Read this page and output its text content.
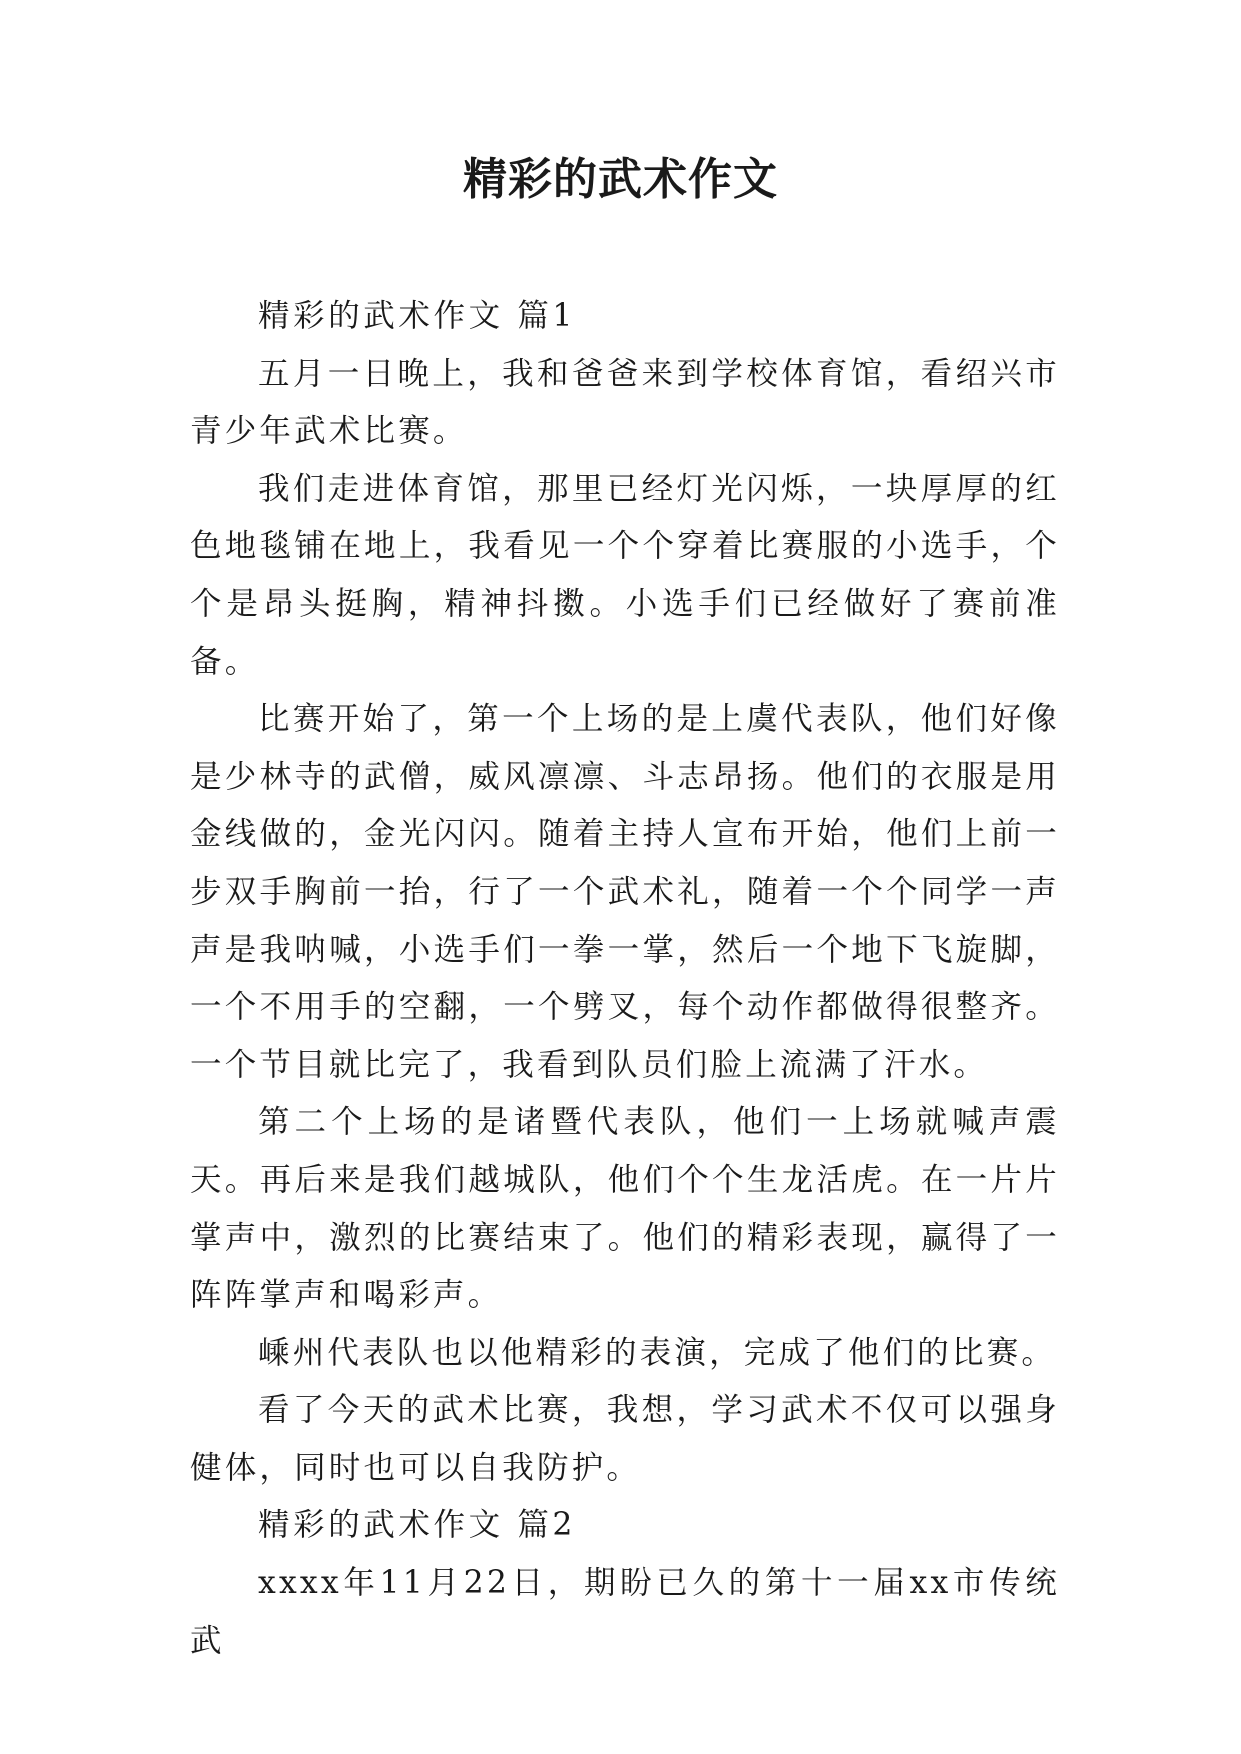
精彩的武术作文

精彩的武术作文 篇1

五月一日晚上，我和爸爸来到学校体育馆，看绍兴市青少年武术比赛。

我们走进体育馆，那里已经灯光闪烁，一块厚厚的红色地毯铺在地上，我看见一个个穿着比赛服的小选手，个个是昂头挺胸，精神抖擞。小选手们已经做好了赛前准备。

比赛开始了，第一个上场的是上虞代表队，他们好像是少林寺的武僧，威风凛凛、斗志昂扬。他们的衣服是用金线做的，金光闪闪。随着主持人宣布开始，他们上前一步双手胸前一抬，行了一个武术礼，随着一个个同学一声声是我呐喊，小选手们一拳一掌，然后一个地下飞旋脚，一个不用手的空翻，一个劈叉，每个动作都做得很整齐。一个节目就比完了，我看到队员们脸上流满了汗水。

第二个上场的是诸暨代表队，他们一上场就喊声震天。再后来是我们越城队，他们个个生龙活虎。在一片片掌声中，激烈的比赛结束了。他们的精彩表现，赢得了一阵阵掌声和喝彩声。

嵊州代表队也以他精彩的表演，完成了他们的比赛。

看了今天的武术比赛，我想，学习武术不仅可以强身健体，同时也可以自我防护。

精彩的武术作文 篇2

xxxx年11月22日，期盼已久的第十一届xx市传统武
